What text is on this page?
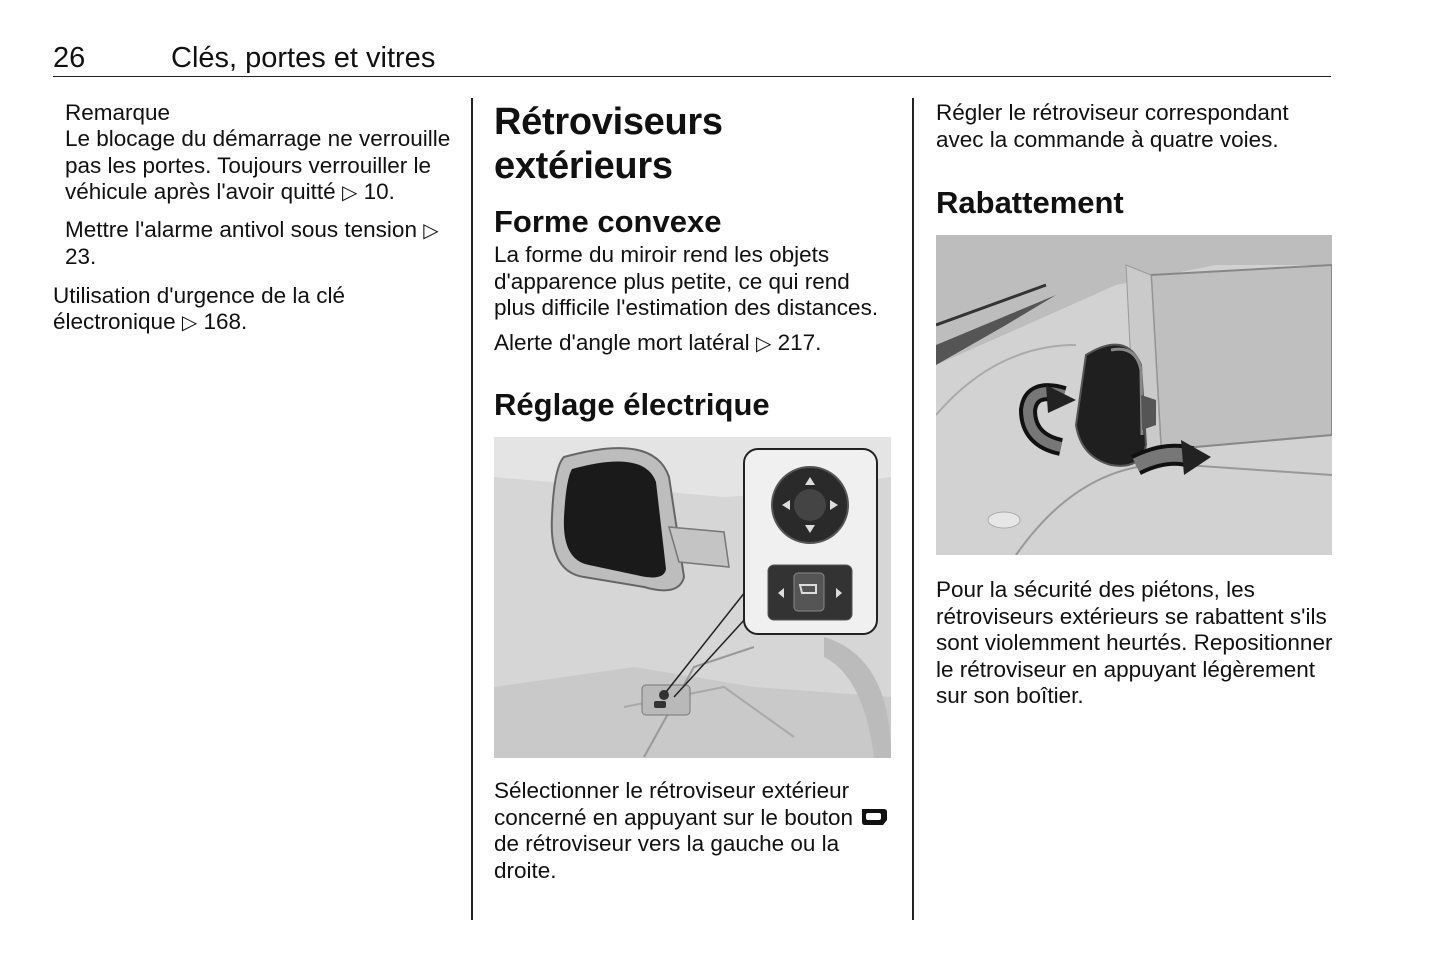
26	Clés, portes et vitres

Remarque

Le blocage du démarrage ne verrouille pas les portes. Toujours verrouiller le véhicule après l'avoir quitté ▷ 10.

Mettre l'alarme antivol sous tension ▷ 23.

Utilisation d'urgence de la clé électronique ▷ 168.

Rétroviseurs extérieurs
Forme convexe

La forme du miroir rend les objets d'apparence plus petite, ce qui rend plus difficile l'estimation des distances.

Alerte d'angle mort latéral ▷ 217.

Réglage électrique

Sélectionner le rétroviseur extérieur concerné en appuyant sur le bouton
de rétroviseur vers la gauche ou la droite.

Régler le rétroviseur correspondant avec la commande à quatre voies.

Rabattement

Pour la sécurité des piétons, les rétroviseurs extérieurs se rabattent s'ils sont violemment heurtés. Repositionner le rétroviseur en appuyant légèrement sur son boîtier.
